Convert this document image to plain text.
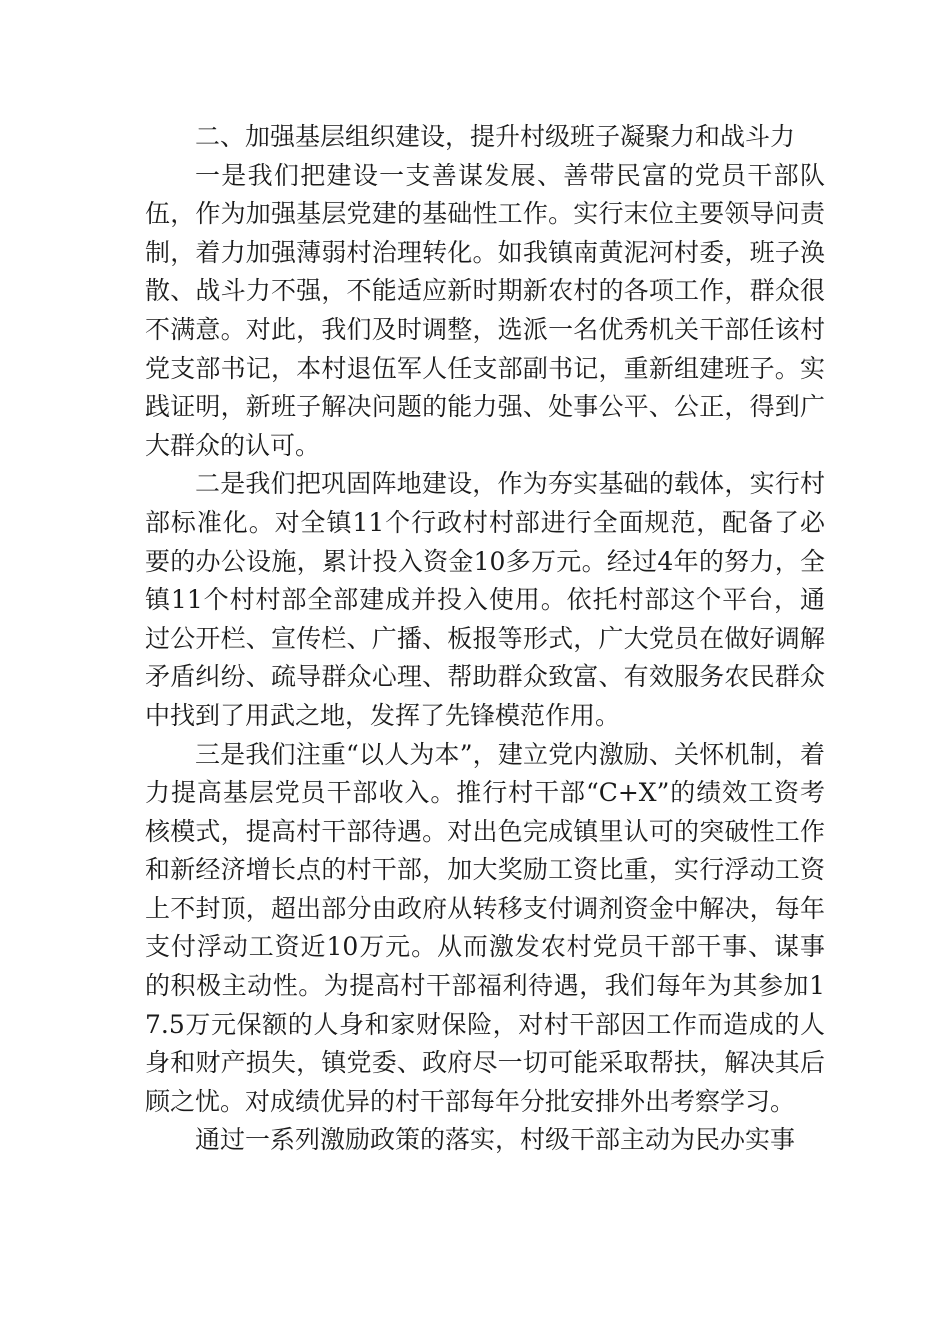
二、加强基层组织建设，提升村级班子凝聚力和战斗力

一是我们把建设一支善谋发展、善带民富的党员干部队伍，作为加强基层党建的基础性工作。实行末位主要领导问责制，着力加强薄弱村治理转化。如我镇南黄泥河村委，班子涣散、战斗力不强，不能适应新时期新农村的各项工作，群众很不满意。对此，我们及时调整，选派一名优秀机关干部任该村党支部书记，本村退伍军人任支部副书记，重新组建班子。实践证明，新班子解决问题的能力强、处事公平、公正，得到广大群众的认可。

二是我们把巩固阵地建设，作为夯实基础的载体，实行村部标准化。对全镇11个行政村村部进行全面规范，配备了必要的办公设施，累计投入资金10多万元。经过4年的努力，全镇11个村村部全部建成并投入使用。依托村部这个平台，通过公开栏、宣传栏、广播、板报等形式，广大党员在做好调解矛盾纠纷、疏导群众心理、帮助群众致富、有效服务农民群众中找到了用武之地，发挥了先锋模范作用。

三是我们注重“以人为本”，建立党内激励、关怀机制，着力提高基层党员干部收入。推行村干部“C+X”的绩效工资考核模式，提高村干部待遇。对出色完成镇里认可的突破性工作和新经济增长点的村干部，加大奖励工资比重，实行浮动工资上不封顶，超出部分由政府从转移支付调剂资金中解决，每年支付浮动工资近10万元。从而激发农村党员干部干事、谋事的积极主动性。为提高村干部福利待遇，我们每年为其参加17.5万元保额的人身和家财保险，对村干部因工作而造成的人身和财产损失，镇党委、政府尽一切可能采取帮扶，解决其后顾之忧。对成绩优异的村干部每年分批安排外出考察学习。

通过一系列激励政策的落实，村级干部主动为民办实事
